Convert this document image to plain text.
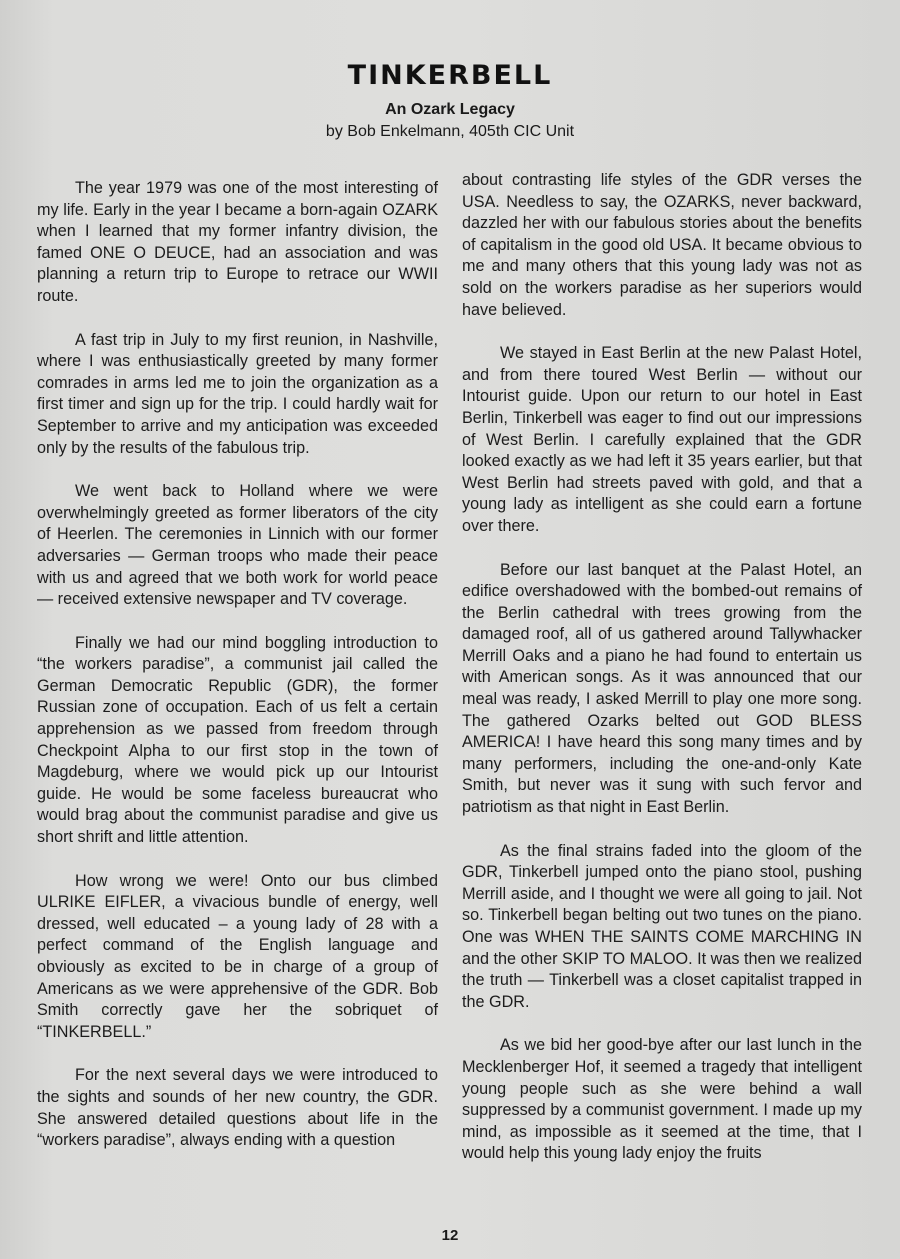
TINKERBELL
An Ozark Legacy
by Bob Enkelmann, 405th CIC Unit

The year 1979 was one of the most interesting of my life. Early in the year I became a born-again OZARK when I learned that my former infantry division, the famed ONE O DEUCE, had an association and was planning a return trip to Europe to retrace our WWII route.

A fast trip in July to my first reunion, in Nashville, where I was enthusiastically greeted by many former comrades in arms led me to join the organization as a first timer and sign up for the trip. I could hardly wait for September to arrive and my anticipation was exceeded only by the results of the fabulous trip.

We went back to Holland where we were overwhelmingly greeted as former liberators of the city of Heerlen. The ceremonies in Linnich with our former adversaries — German troops who made their peace with us and agreed that we both work for world peace — received extensive newspaper and TV coverage.

Finally we had our mind boggling introduction to “the workers paradise”, a communist jail called the German Democratic Republic (GDR), the former Russian zone of occupation. Each of us felt a certain apprehension as we passed from freedom through Checkpoint Alpha to our first stop in the town of Magdeburg, where we would pick up our Intourist guide. He would be some faceless bureaucrat who would brag about the communist paradise and give us short shrift and little attention.

How wrong we were! Onto our bus climbed ULRIKE EIFLER, a vivacious bundle of energy, well dressed, well educated – a young lady of 28 with a perfect command of the English language and obviously as excited to be in charge of a group of Americans as we were apprehensive of the GDR. Bob Smith correctly gave her the sobriquet of “TINKERBELL.”

For the next several days we were introduced to the sights and sounds of her new country, the GDR. She answered detailed questions about life in the “workers paradise”, always ending with a question

about contrasting life styles of the GDR verses the USA. Needless to say, the OZARKS, never backward, dazzled her with our fabulous stories about the benefits of capitalism in the good old USA. It became obvious to me and many others that this young lady was not as sold on the workers paradise as her superiors would have believed.

We stayed in East Berlin at the new Palast Hotel, and from there toured West Berlin — without our Intourist guide. Upon our return to our hotel in East Berlin, Tinkerbell was eager to find out our impressions of West Berlin. I carefully explained that the GDR looked exactly as we had left it 35 years earlier, but that West Berlin had streets paved with gold, and that a young lady as intelligent as she could earn a fortune over there.

Before our last banquet at the Palast Hotel, an edifice overshadowed with the bombed-out remains of the Berlin cathedral with trees growing from the damaged roof, all of us gathered around Tallywhacker Merrill Oaks and a piano he had found to entertain us with American songs. As it was announced that our meal was ready, I asked Merrill to play one more song. The gathered Ozarks belted out GOD BLESS AMERICA! I have heard this song many times and by many performers, including the one-and-only Kate Smith, but never was it sung with such fervor and patriotism as that night in East Berlin.

As the final strains faded into the gloom of the GDR, Tinkerbell jumped onto the piano stool, pushing Merrill aside, and I thought we were all going to jail. Not so. Tinkerbell began belting out two tunes on the piano. One was WHEN THE SAINTS COME MARCHING IN and the other SKIP TO MALOO. It was then we realized the truth — Tinkerbell was a closet capitalist trapped in the GDR.

As we bid her good-bye after our last lunch in the Mecklenberger Hof, it seemed a tragedy that intelligent young people such as she were behind a wall suppressed by a communist government. I made up my mind, as impossible as it seemed at the time, that I would help this young lady enjoy the fruits

12
